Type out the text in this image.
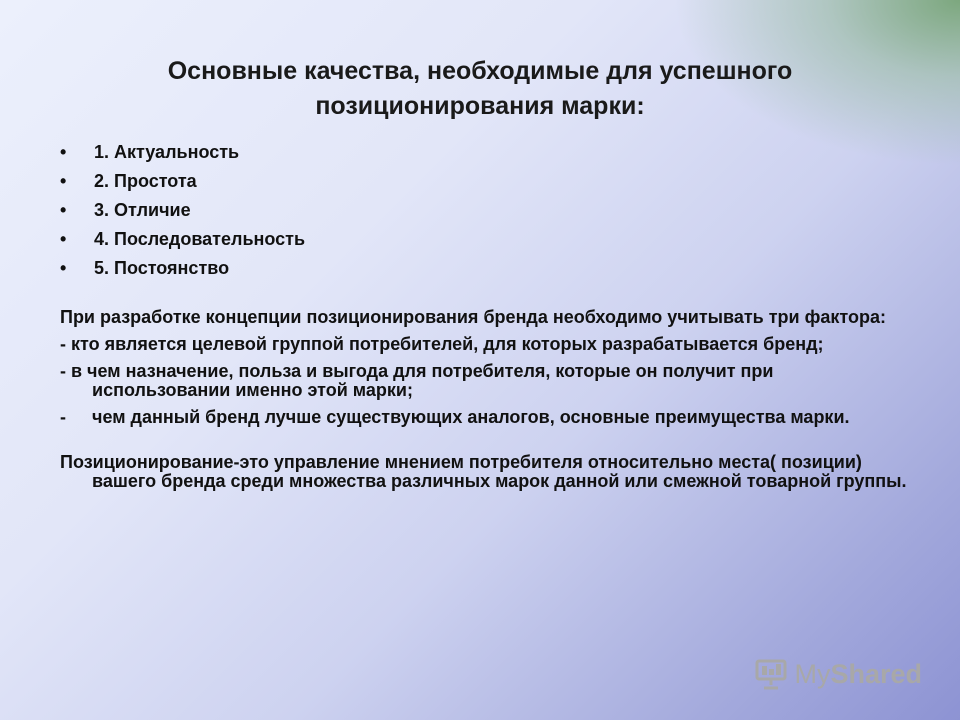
Основные качества, необходимые для успешного
позиционирования марки:
• 1. Актуальность
• 2. Простота
• 3. Отличие
• 4. Последовательность
• 5. Постоянство

При разработке концепции позиционирования бренда необходимо учитывать три фактора:

- кто является целевой группой потребителей, для которых разрабатывается бренд;

- в чем назначение, польза и выгода для потребителя, которые он получит при использовании именно этой марки;

- чем данный бренд лучше существующих аналогов, основные преимущества марки.

Позиционирование-это управление мнением потребителя относительно места( позиции) вашего бренда среди множества различных марок данной или смежной товарной группы.

My Shared
